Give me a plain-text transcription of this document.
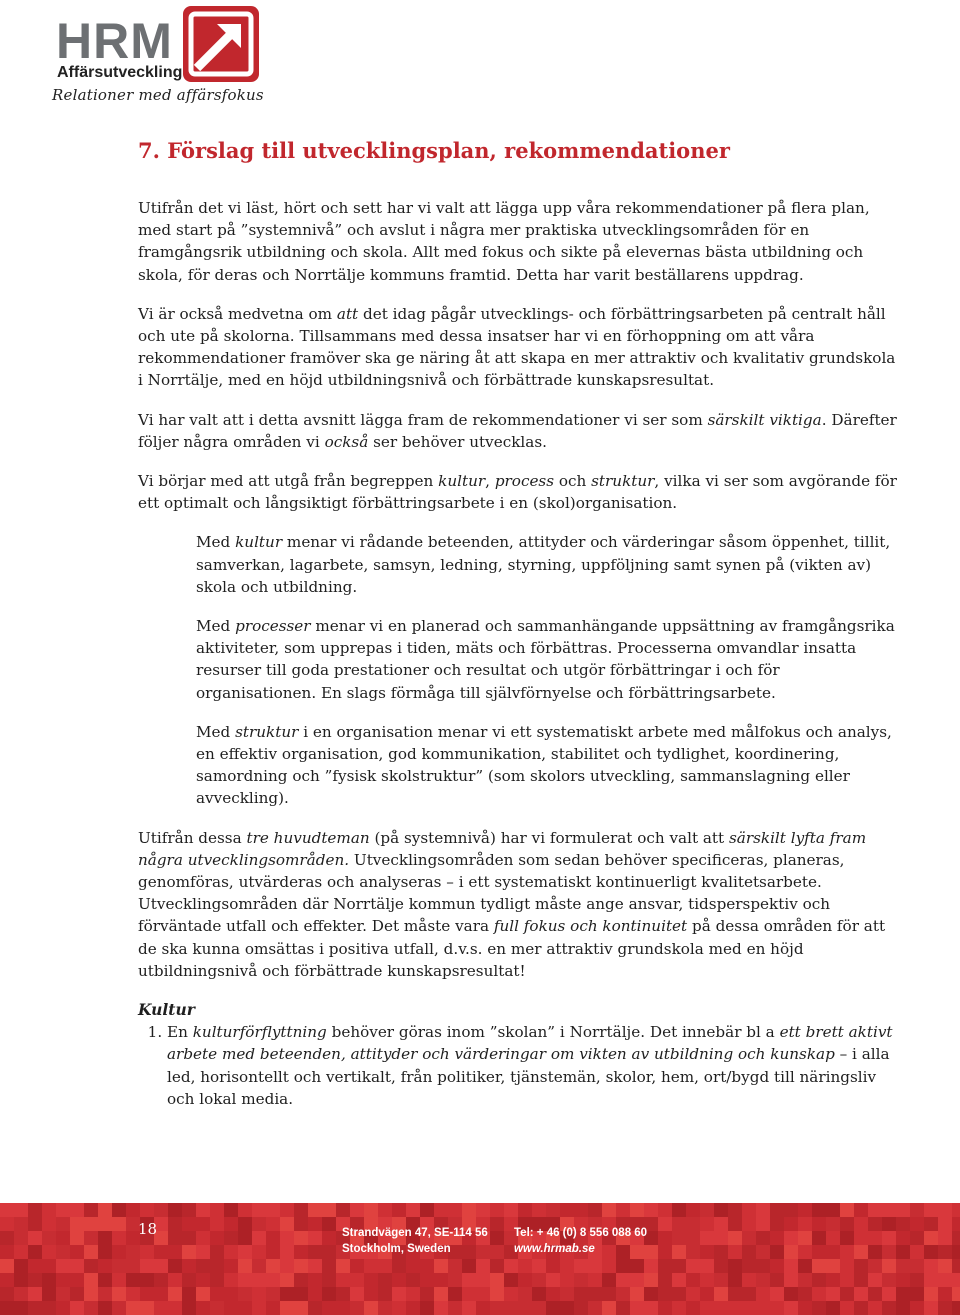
HRM
Affärsutveckling
Relationer med affärsfokus
7. Förslag till utvecklingsplan, rekommendationer

Utifrån det vi läst, hört och sett har vi valt att lägga upp våra rekommendationer på flera plan, med start på ”systemnivå” och avslut i några mer praktiska utvecklingsområden för en framgångsrik utbildning och skola. Allt med fokus och sikte på elevernas bästa utbildning och skola, för deras och Norrtälje kommuns framtid. Detta har varit beställarens uppdrag.

Vi är också medvetna om att det idag pågår utvecklings- och förbättringsarbeten på centralt håll och ute på skolorna. Tillsammans med dessa insatser har vi en förhoppning om att våra rekommendationer framöver ska ge näring åt att skapa en mer attraktiv och kvalitativ grundskola i Norrtälje, med en höjd utbildningsnivå och förbättrade kunskapsresultat.

Vi har valt att i detta avsnitt lägga fram de rekommendationer vi ser som särskilt viktiga. Därefter följer några områden vi också ser behöver utvecklas.

Vi börjar med att utgå från begreppen kultur, process och struktur, vilka vi ser som avgörande för ett optimalt och långsiktigt förbättringsarbete i en (skol)organisation.

Med kultur menar vi rådande beteenden, attityder och värderingar såsom öppenhet, tillit, samverkan, lagarbete, samsyn, ledning, styrning, uppföljning samt synen på (vikten av) skola och utbildning.

Med processer menar vi en planerad och sammanhängande uppsättning av framgångsrika aktiviteter, som upprepas i tiden, mäts och förbättras. Processerna omvandlar insatta resurser till goda prestationer och resultat och utgör förbättringar i och för organisationen. En slags förmåga till självförnyelse och förbättringsarbete.

Med struktur i en organisation menar vi ett systematiskt arbete med målfokus och analys, en effektiv organisation, god kommunikation, stabilitet och tydlighet, koordinering, samordning och ”fysisk skolstruktur” (som skolors utveckling, sammanslagning eller avveckling).

Utifrån dessa tre huvudteman (på systemnivå) har vi formulerat och valt att särskilt lyfta fram några utvecklingsområden. Utvecklingsområden som sedan behöver specificeras, planeras, genomföras, utvärderas och analyseras – i ett systematiskt kontinuerligt kvalitetsarbete. Utvecklingsområden där Norrtälje kommun tydligt måste ange ansvar, tidsperspektiv och förväntade utfall och effekter. Det måste vara full fokus och kontinuitet på dessa områden för att de ska kunna omsättas i positiva utfall, d.v.s. en mer attraktiv grundskola med en höjd utbildningsnivå och förbättrade kunskapsresultat!

Kultur
1. En kulturförflyttning behöver göras inom ”skolan” i Norrtälje. Det innebär bl a ett brett aktivt arbete med beteenden, attityder och värderingar om vikten av utbildning och kunskap – i alla led, horisontellt och vertikalt, från politiker, tjänstemän, skolor, hem, ort/bygd till näringsliv och lokal media.
18	Strandvägen 47, SE-114 56
Stockholm, Sweden
Tel: + 46 (0) 8 556 088 60
www.hrmab.se
